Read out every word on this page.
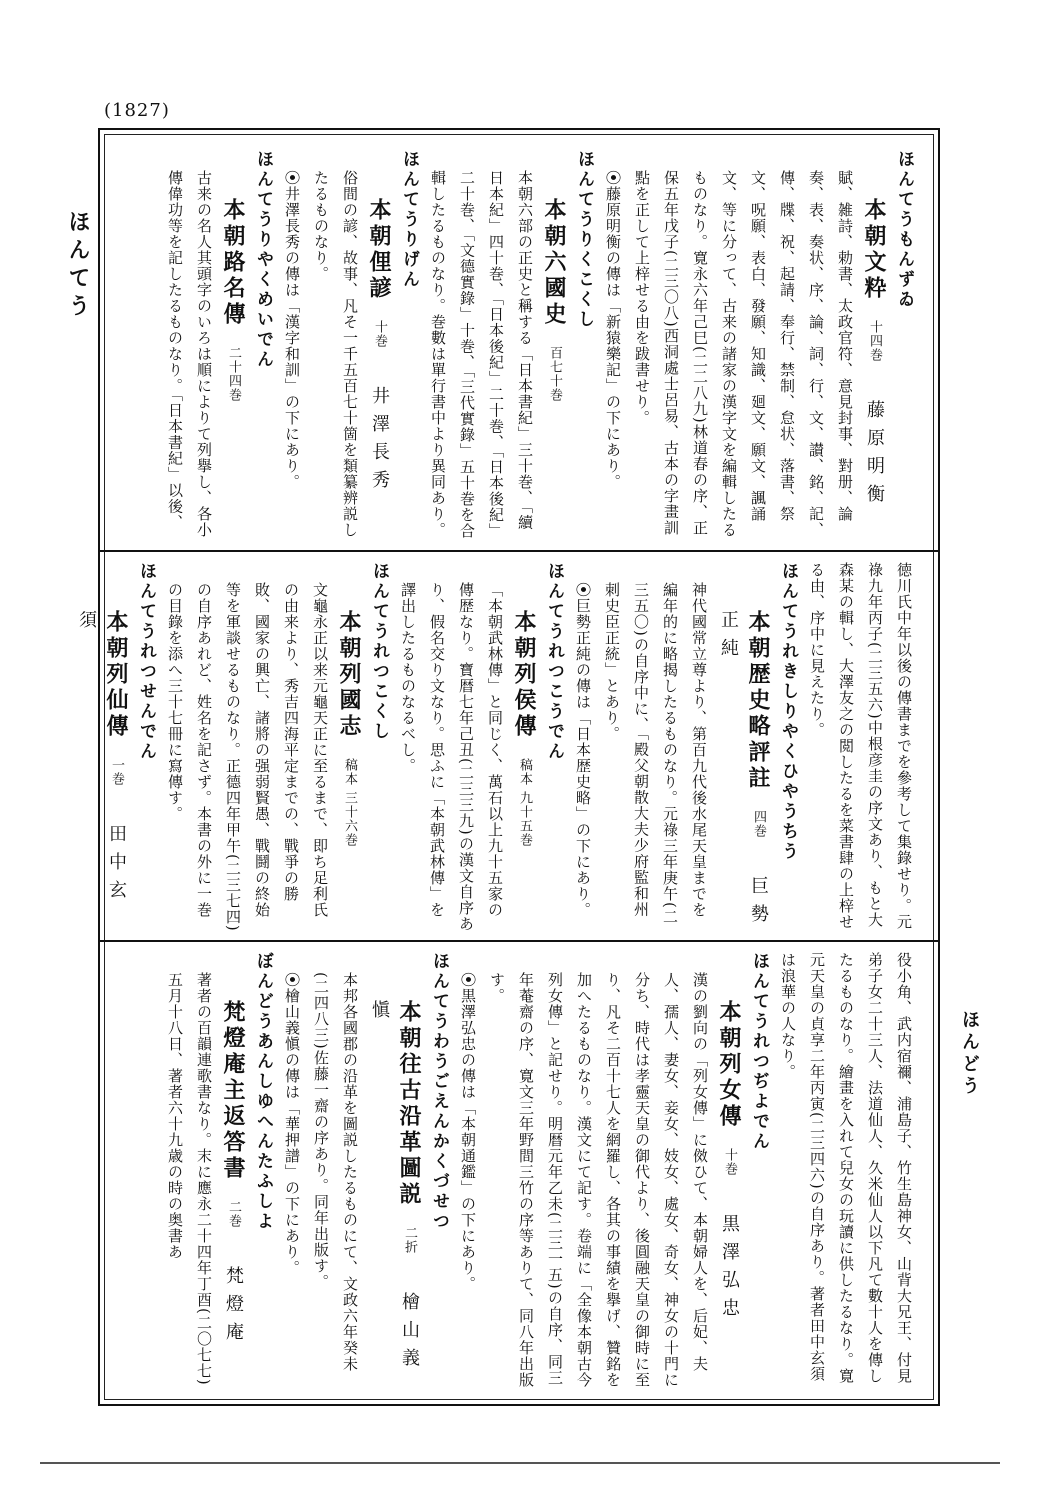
(1827)
ほんてう
ほんどう
ほんてうもんずゐ
本朝文粋 十四巻 藤原明衡
賦、雑詩、勅書、太政官符、意見封事、對册、論奏、表、奏状、序、論、詞、行、文、讃、銘、記、傳、牒、祝、起請、奉行、禁制、怠状、落書、祭文、呪願、表白、發願、知識、廻文、願文、諷誦文、等に分って、古来の諸家の漢字文を編輯したるものなり。寛永六年己巳(二二八九)林道春の序、正保五年戊子(二三〇八)西洞處士呂易、古本の字畫訓點を正して上梓せる由を跋書せり。
⦿藤原明衡の傳は「新猿樂記」の下にあり。
ほんてうりくこくし
本朝六國史 百七十巻
本朝六部の正史と稱する「日本書紀」三十巻、「續日本紀」四十巻、「日本後紀」二十巻、「日本後紀」二十巻、「文德實錄」十巻、「三代實錄」五十巻を合輯したるものなり。巻數は單行書中より異同あり。
ほんてうりげん
本朝俚諺 十巻 井澤長秀
俗間の諺、故事、凡そ一千五百七十箇を類纂辨説したるものなり。
⦿井澤長秀の傳は「漢字和訓」の下にあり。
ほんてうりやくめいでん
本朝路名傳 二十四巻
古来の名人其頭字のいろは順によりて列擧し、各小傳偉功等を記したるものなり。「日本書紀」以後、
徳川氏中年以後の傳書までを參考して集錄せり。元祿九年丙子(二三五六)中根彦圭の序文あり、もと大森某の輯し、大澤友之の閲したるを菜書肆の上梓せる由、序中に見えたり。
ほんてうれきしりやくひやうちう
本朝歴史略評註 四巻 巨勢正純
神代國常立尊より、第百九代後水尾天皇までを編年的に略揭したるものなり。元祿三年庚午(二三五〇)の自序中に、「殿父朝散大夫少府監和州刺史臣正統」とあり。
⦿巨勢正純の傳は「日本歴史略」の下にあり。
ほんてうれつこうでん
本朝列侯傳 稿本 九十五巻
「本朝武林傳」と同じく、萬石以上九十五家の傳歴なり。寶暦七年己丑(二三三九)の漢文自序あり、假名交り文なり。思ふに「本朝武林傳」を譯出したるものなるべし。
ほんてうれつこくし
本朝列國志 稿本 三十六巻
文龜永正以来元龜天正に至るまで、即ち足利氏の由来より、秀吉四海平定までの、戰爭の勝敗、國家の興亡、諸將の强弱賢愚、戰鬪の終始等を軍談せるものなり。正德四年甲午(二三七四)の自序あれど、姓名を記さず。本書の外に一巻の目錄を添へ三十七冊に寫傳す。
ほんてうれつせんでん
本朝列仙傳 一巻 田中玄須
役小角、武内宿禰、浦島子、竹生島神女、山背大兄王、付見弟子女二十三人、法道仙人、久米仙人以下凡て數十人を傳したるものなり。繪畫を入れて兒女の玩讀に供したるなり。寛元天皇の貞享二年丙寅(二三四六)の自序あり。著者田中玄須は浪華の人なり。
ほんてうれつぢよでん
本朝列女傳 十巻 黒澤弘忠
漢の劉向の「列女傳」に傚ひて、本朝婦人を、后妃、夫人、孺人、妻女、妾女、妓女、處女、奇女、神女の十門に分ち、時代は孝靈天皇の御代より、後圓融天皇の御時に至り、凡そ二百十七人を網羅し、各其の事績を擧げ、贊銘を加へたるものなり。漢文にて記す。卷端に「全像本朝古今列女傳」と記せり。明暦元年乙未(二三一五)の自序、同三年菴齋の序、寛文三年野間三竹の序等ありて、同八年出版す。
⦿黒澤弘忠の傳は「本朝通鑑」の下にあり。
ほんてうわうごえんかくづせつ
本朝往古沿革圖説 二折 檜山義愼
本邦各國郡の沿革を圖説したるものにて、文政六年癸未(二四八三)佐藤一齋の序あり。同年出版す。
⦿檜山義愼の傳は「華押譜」の下にあり。
ぼんどうあんしゆへんたふしよ
梵燈庵主返答書 二巻 梵燈庵
著者の百韻連歌書なり。末に應永二十四年丁酉(二〇七七)五月十八日、著者六十九歳の時の奥書あ
